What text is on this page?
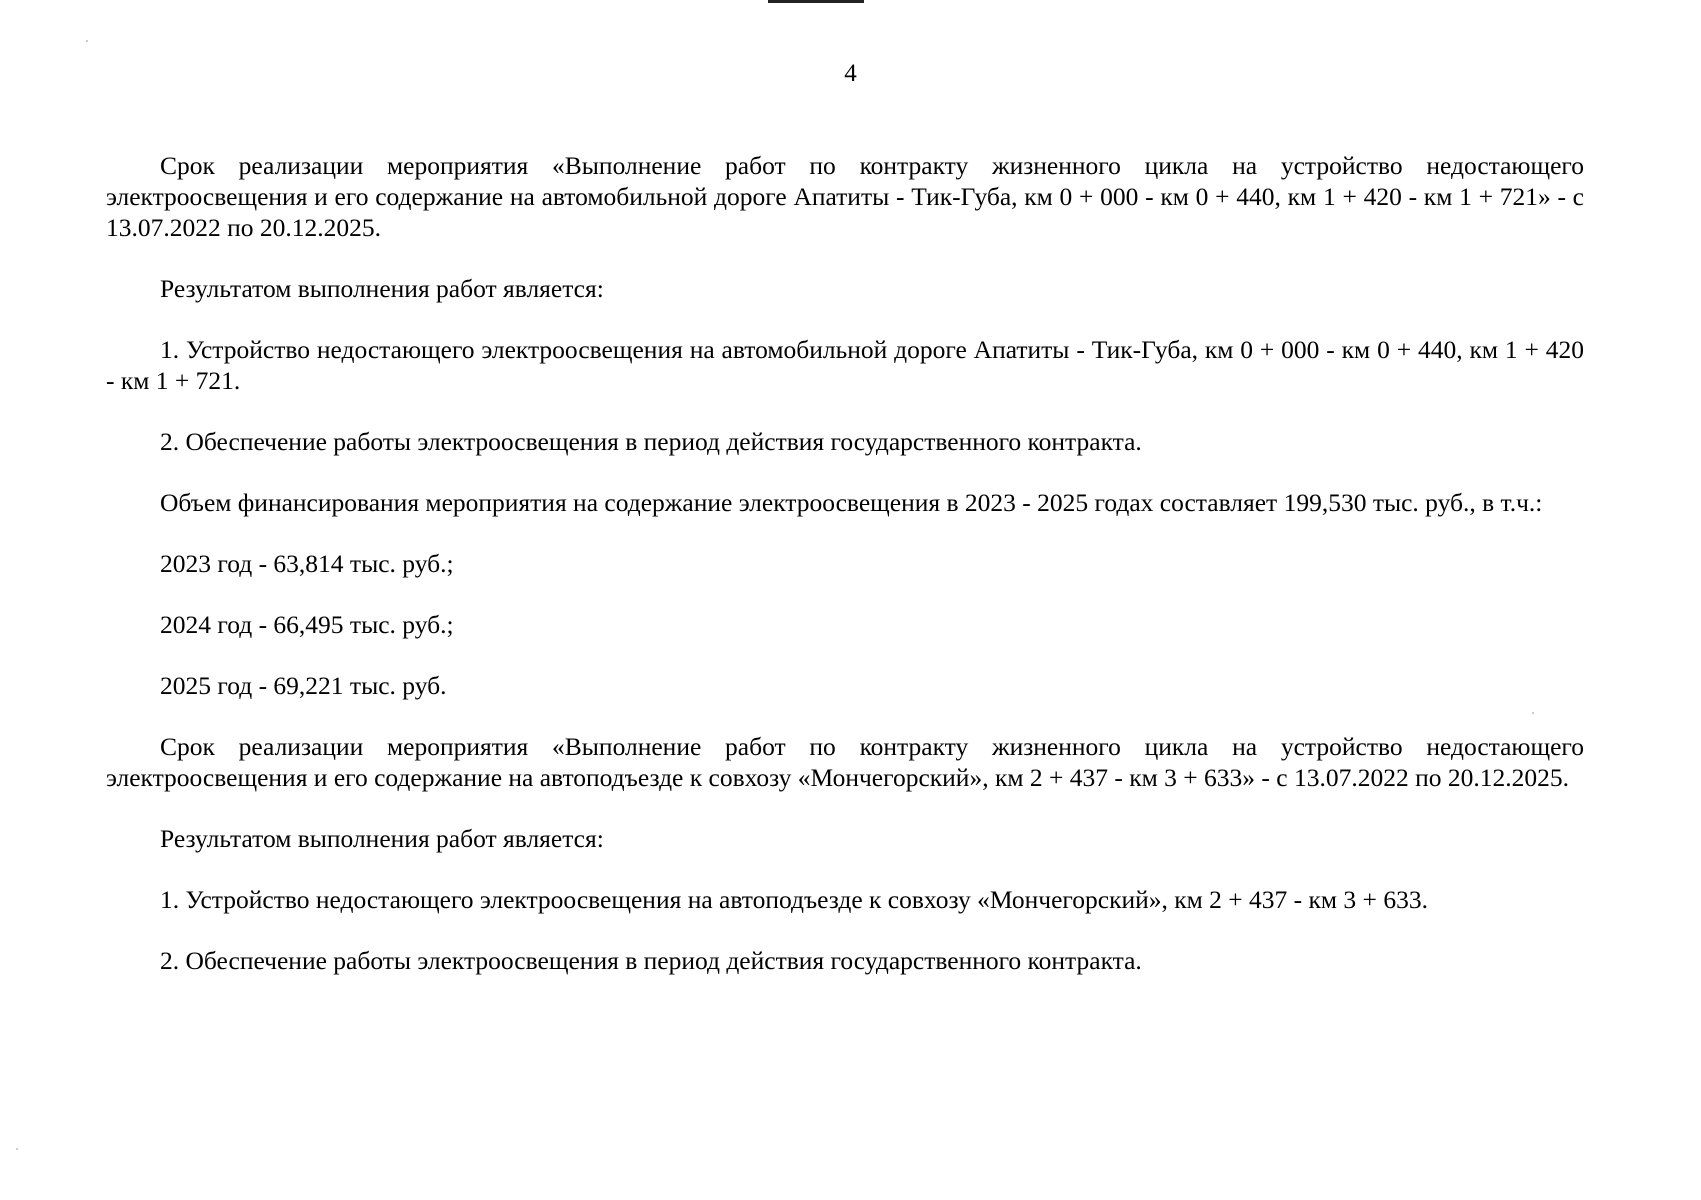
4

Срок реализации мероприятия «Выполнение работ по контракту жизненного цикла на устройство недостающего электроосвещения и его содержание на автомобильной дороге Апатиты - Тик-Губа, км 0 + 000 - км 0 + 440, км 1 + 420 - км 1 + 721» - с 13.07.2022 по 20.12.2025.

Результатом выполнения работ является:

1. Устройство недостающего электроосвещения на автомобильной дороге Апатиты - Тик-Губа, км 0 + 000 - км 0 + 440, км 1 + 420 - км 1 + 721.

2. Обеспечение работы электроосвещения в период действия государственного контракта.

Объем финансирования мероприятия на содержание электроосвещения в 2023 - 2025 годах составляет 199,530 тыс. руб., в т.ч.:

2023 год - 63,814 тыс. руб.;

2024 год - 66,495 тыс. руб.;

2025 год - 69,221 тыс. руб.

Срок реализации мероприятия «Выполнение работ по контракту жизненного цикла на устройство недостающего электроосвещения и его содержание на автоподъезде к совхозу «Мончегорский», км 2 + 437 - км 3 + 633» - с 13.07.2022 по 20.12.2025.

Результатом выполнения работ является:

1. Устройство недостающего электроосвещения на автоподъезде к совхозу «Мончегорский», км 2 + 437 - км 3 + 633.

2. Обеспечение работы электроосвещения в период действия государственного контракта.
